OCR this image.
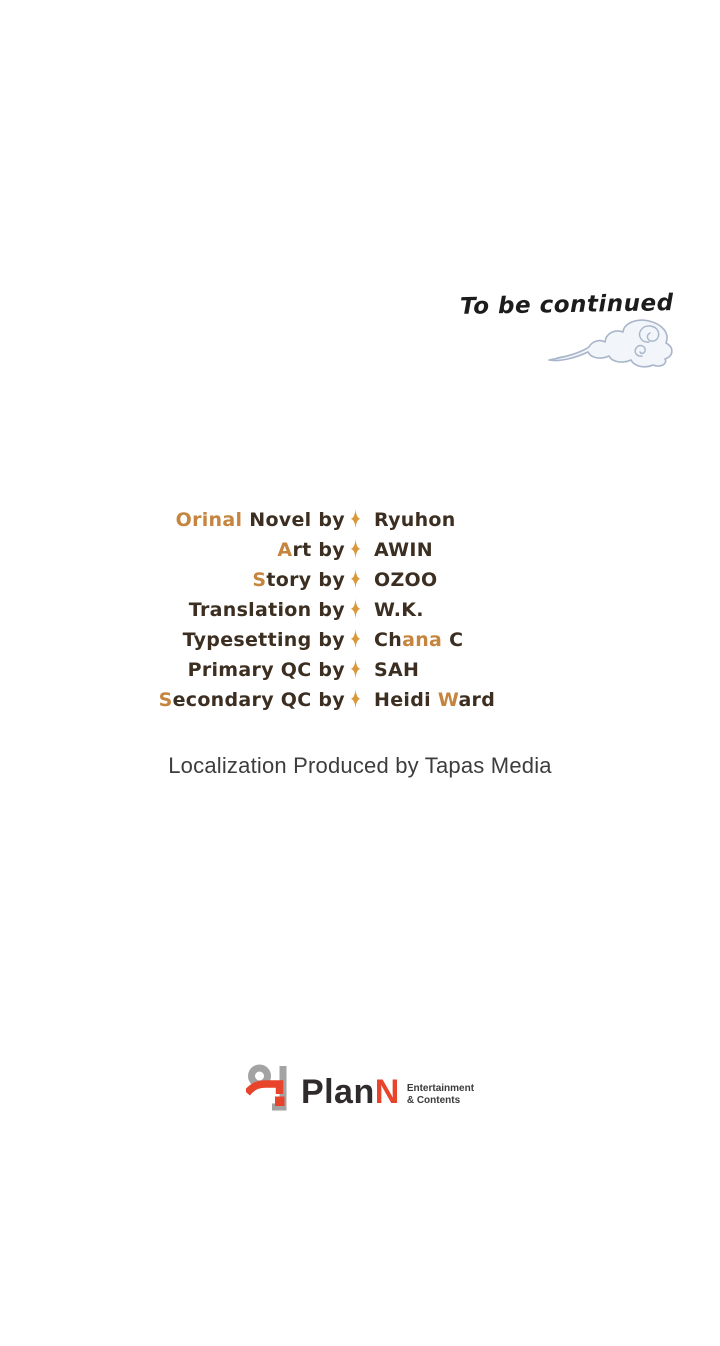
To be continued
Orinal Novel by ✦ Ryuhon
Art by ✦ AWIN
Story by ✦ OZOO
Translation by ✦ W.K.
Typesetting by ✦ Chana C
Primary QC by ✦ SAH
Secondary QC by ✦ Heidi Ward
Localization Produced by Tapas Media
PlanN Entertainment
& Contents
